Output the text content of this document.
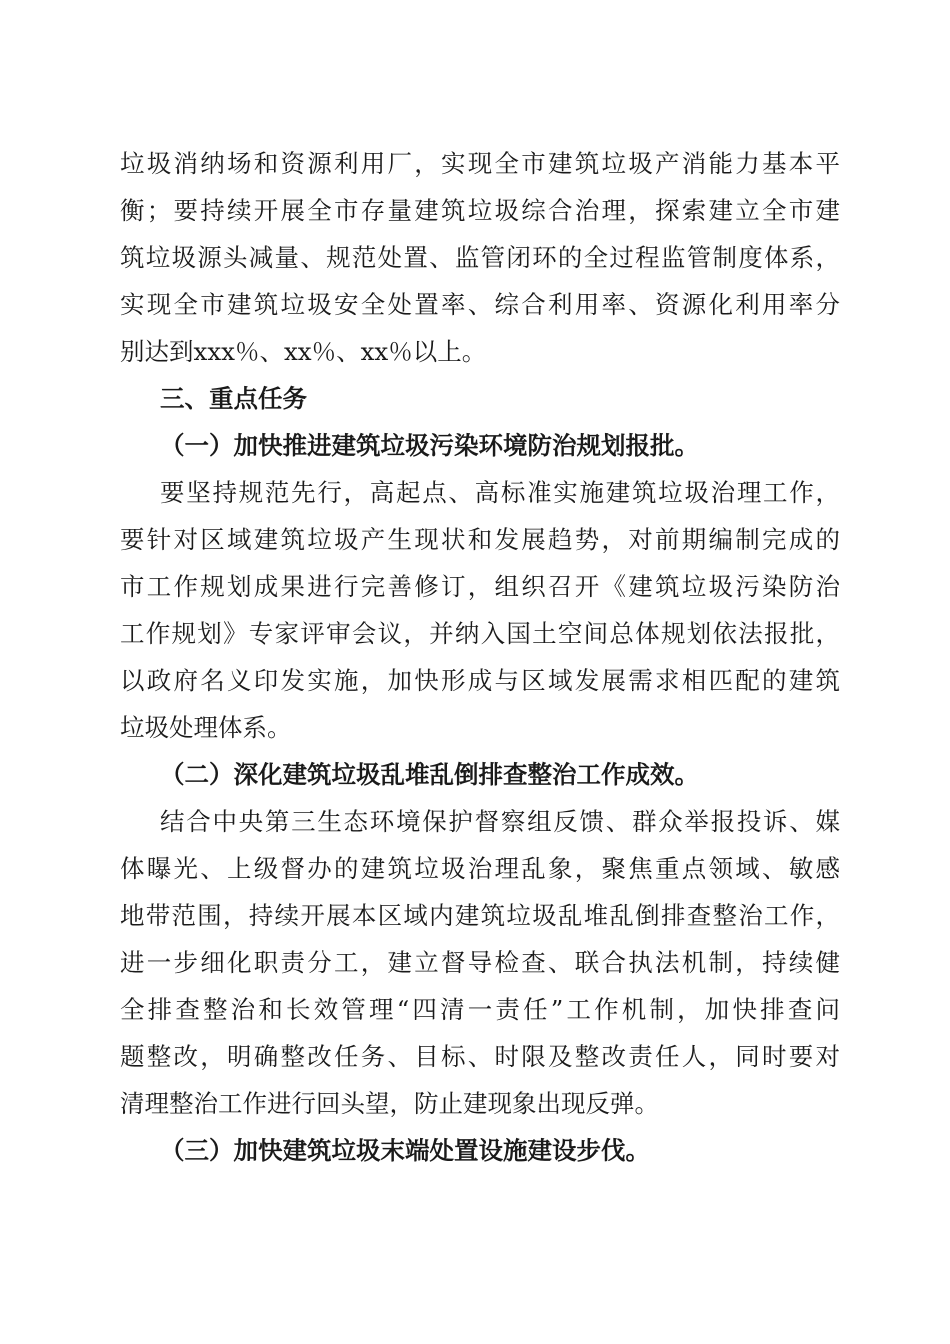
垃圾消纳场和资源利用厂，实现全市建筑垃圾产消能力基本平
衡；要持续开展全市存量建筑垃圾综合治理，探索建立全市建
筑垃圾源头减量、规范处置、监管闭环的全过程监管制度体系，
实现全市建筑垃圾安全处置率、综合利用率、资源化利用率分
别达到xxx％、xx％、xx％以上。
三、重点任务
（一）加快推进建筑垃圾污染环境防治规划报批。
要坚持规范先行，高起点、高标准实施建筑垃圾治理工作，
要针对区域建筑垃圾产生现状和发展趋势，对前期编制完成的
市工作规划成果进行完善修订，组织召开《建筑垃圾污染防治
工作规划》专家评审会议，并纳入国土空间总体规划依法报批，
以政府名义印发实施，加快形成与区域发展需求相匹配的建筑
垃圾处理体系。
（二）深化建筑垃圾乱堆乱倒排查整治工作成效。
结合中央第三生态环境保护督察组反馈、群众举报投诉、媒
体曝光、上级督办的建筑垃圾治理乱象，聚焦重点领域、敏感
地带范围，持续开展本区域内建筑垃圾乱堆乱倒排查整治工作，
进一步细化职责分工，建立督导检查、联合执法机制，持续健
全排查整治和长效管理“四清一责任”工作机制，加快排查问
题整改，明确整改任务、目标、时限及整改责任人，同时要对
清理整治工作进行回头望，防止建现象出现反弹。
（三）加快建筑垃圾末端处置设施建设步伐。
